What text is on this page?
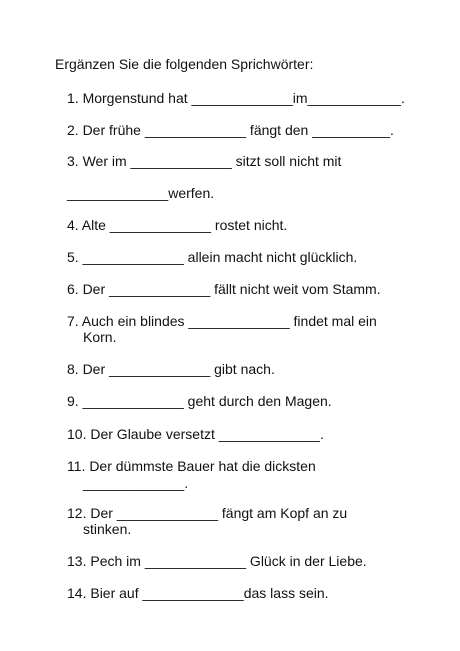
Ergänzen Sie die folgenden Sprichwörter:
1. Morgenstund hat _____________im____________.
2. Der frühe _____________ fängt den __________.
3. Wer im _____________ sitzt soll nicht mit
_____________werfen.
4. Alte _____________ rostet nicht.
5. _____________ allein macht nicht glücklich.
6. Der _____________ fällt nicht weit vom Stamm.
7. Auch ein blindes _____________ findet mal ein
Korn.
8. Der _____________ gibt nach.
9. _____________ geht durch den Magen.
10. Der Glaube versetzt _____________.
11. Der dümmste Bauer hat die dicksten
_____________.
12. Der _____________ fängt am Kopf an zu
stinken.
13. Pech im _____________ Glück in der Liebe.
14. Bier auf _____________das lass sein.
